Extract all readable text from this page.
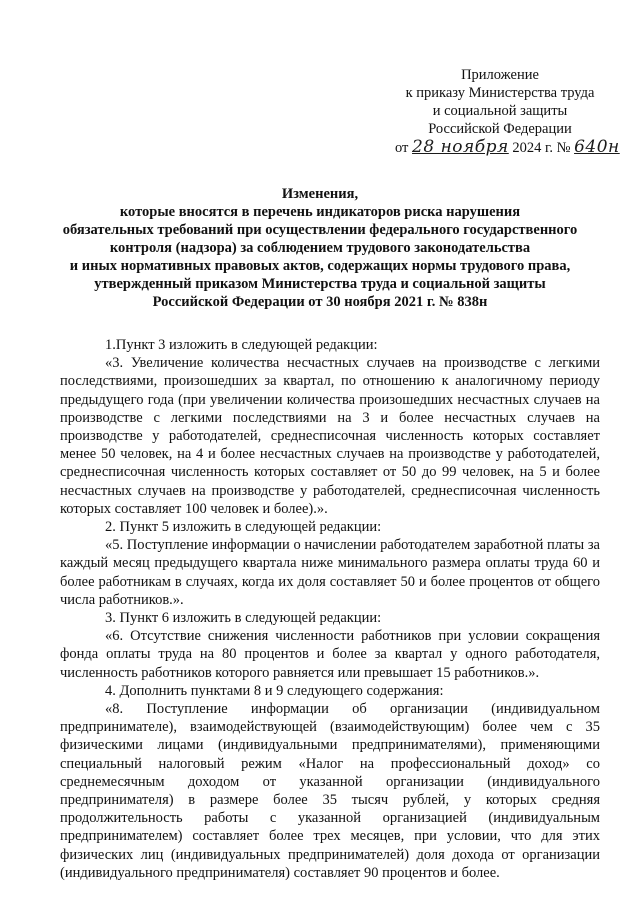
Приложение
к приказу Министерства труда
и социальной защиты
Российской Федерации
от 28 ноября 2024 г. № 640н
Изменения,
которые вносятся в перечень индикаторов риска нарушения
обязательных требований при осуществлении федерального государственного
контроля (надзора) за соблюдением трудового законодательства
и иных нормативных правовых актов, содержащих нормы трудового права,
утвержденный приказом Министерства труда и социальной защиты
Российской Федерации от 30 ноября 2021 г. № 838н

1.Пункт 3 изложить в следующей редакции:

«3. Увеличение количества несчастных случаев на производстве с легкими последствиями, произошедших за квартал, по отношению к аналогичному периоду предыдущего года (при увеличении количества произошедших несчастных случаев на производстве с легкими последствиями на 3 и более несчастных случаев на производстве у работодателей, среднесписочная численность которых составляет менее 50 человек, на 4 и более несчастных случаев на производстве у работодателей, среднесписочная численность которых составляет от 50 до 99 человек, на 5 и более несчастных случаев на производстве у работодателей, среднесписочная численность которых составляет 100 человек и более).».

2. Пункт 5 изложить в следующей редакции:

«5. Поступление информации о начислении работодателем заработной платы за каждый месяц предыдущего квартала ниже минимального размера оплаты труда 60 и более работникам в случаях, когда их доля составляет 50 и более процентов от общего числа работников.».

3. Пункт 6 изложить в следующей редакции:

«6. Отсутствие снижения численности работников при условии сокращения фонда оплаты труда на 80 процентов и более за квартал у одного работодателя, численность работников которого равняется или превышает 15 работников.».

4. Дополнить пунктами 8 и 9 следующего содержания:

«8. Поступление информации об организации (индивидуальном предпринимателе), взаимодействующей (взаимодействующим) более чем с 35 физическими лицами (индивидуальными предпринимателями), применяющими специальный налоговый режим «Налог на профессиональный доход» со среднемесячным доходом от указанной организации (индивидуального предпринимателя) в размере более 35 тысяч рублей, у которых средняя продолжительность работы с указанной организацией (индивидуальным предпринимателем) составляет более трех месяцев, при условии, что для этих физических лиц (индивидуальных предпринимателей) доля дохода от организации (индивидуального предпринимателя) составляет 90 процентов и более.
